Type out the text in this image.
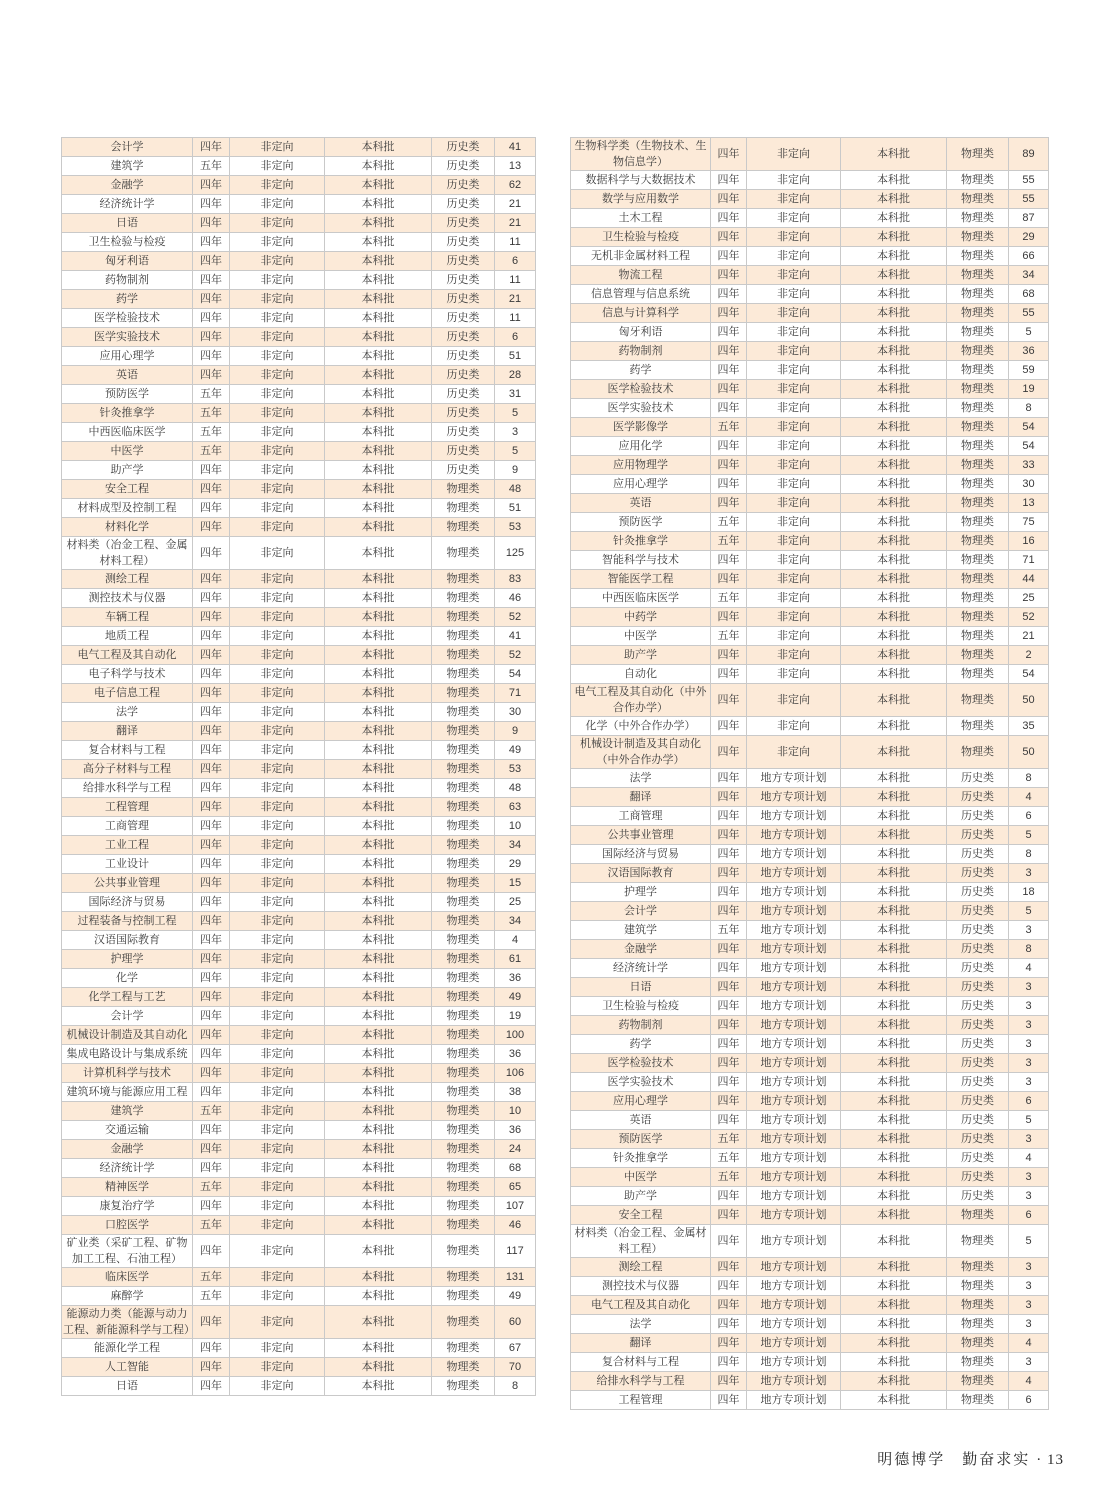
会计学	四年	非定向	本科批	历史类	41
建筑学	五年	非定向	本科批	历史类	13
金融学	四年	非定向	本科批	历史类	62
经济统计学	四年	非定向	本科批	历史类	21
日语	四年	非定向	本科批	历史类	21
卫生检验与检疫	四年	非定向	本科批	历史类	11
匈牙利语	四年	非定向	本科批	历史类	6
药物制剂	四年	非定向	本科批	历史类	11
药学	四年	非定向	本科批	历史类	21
医学检验技术	四年	非定向	本科批	历史类	11
医学实验技术	四年	非定向	本科批	历史类	6
应用心理学	四年	非定向	本科批	历史类	51
英语	四年	非定向	本科批	历史类	28
预防医学	五年	非定向	本科批	历史类	31
针灸推拿学	五年	非定向	本科批	历史类	5
中西医临床医学	五年	非定向	本科批	历史类	3
中医学	五年	非定向	本科批	历史类	5
助产学	四年	非定向	本科批	历史类	9
安全工程	四年	非定向	本科批	物理类	48
材料成型及控制工程	四年	非定向	本科批	物理类	51
材料化学	四年	非定向	本科批	物理类	53
材料类（冶金工程、金属材料工程）	四年	非定向	本科批	物理类	125
测绘工程	四年	非定向	本科批	物理类	83
测控技术与仪器	四年	非定向	本科批	物理类	46
车辆工程	四年	非定向	本科批	物理类	52
地质工程	四年	非定向	本科批	物理类	41
电气工程及其自动化	四年	非定向	本科批	物理类	52
电子科学与技术	四年	非定向	本科批	物理类	54
电子信息工程	四年	非定向	本科批	物理类	71
法学	四年	非定向	本科批	物理类	30
翻译	四年	非定向	本科批	物理类	9
复合材料与工程	四年	非定向	本科批	物理类	49
高分子材料与工程	四年	非定向	本科批	物理类	53
给排水科学与工程	四年	非定向	本科批	物理类	48
工程管理	四年	非定向	本科批	物理类	63
工商管理	四年	非定向	本科批	物理类	10
工业工程	四年	非定向	本科批	物理类	34
工业设计	四年	非定向	本科批	物理类	29
公共事业管理	四年	非定向	本科批	物理类	15
国际经济与贸易	四年	非定向	本科批	物理类	25
过程装备与控制工程	四年	非定向	本科批	物理类	34
汉语国际教育	四年	非定向	本科批	物理类	4
护理学	四年	非定向	本科批	物理类	61
化学	四年	非定向	本科批	物理类	36
化学工程与工艺	四年	非定向	本科批	物理类	49
会计学	四年	非定向	本科批	物理类	19
机械设计制造及其自动化	四年	非定向	本科批	物理类	100
集成电路设计与集成系统	四年	非定向	本科批	物理类	36
计算机科学与技术	四年	非定向	本科批	物理类	106
建筑环境与能源应用工程	四年	非定向	本科批	物理类	38
建筑学	五年	非定向	本科批	物理类	10
交通运输	四年	非定向	本科批	物理类	36
金融学	四年	非定向	本科批	物理类	24
经济统计学	四年	非定向	本科批	物理类	68
精神医学	五年	非定向	本科批	物理类	65
康复治疗学	四年	非定向	本科批	物理类	107
口腔医学	五年	非定向	本科批	物理类	46
矿业类（采矿工程、矿物加工工程、石油工程）	四年	非定向	本科批	物理类	117
临床医学	五年	非定向	本科批	物理类	131
麻醉学	五年	非定向	本科批	物理类	49
能源动力类（能源与动力工程、新能源科学与工程）	四年	非定向	本科批	物理类	60
能源化学工程	四年	非定向	本科批	物理类	67
人工智能	四年	非定向	本科批	物理类	70
日语	四年	非定向	本科批	物理类	8
生物科学类（生物技术、生物信息学）	四年	非定向	本科批	物理类	89
数据科学与大数据技术	四年	非定向	本科批	物理类	55
数学与应用数学	四年	非定向	本科批	物理类	55
土木工程	四年	非定向	本科批	物理类	87
卫生检验与检疫	四年	非定向	本科批	物理类	29
无机非金属材料工程	四年	非定向	本科批	物理类	66
物流工程	四年	非定向	本科批	物理类	34
信息管理与信息系统	四年	非定向	本科批	物理类	68
信息与计算科学	四年	非定向	本科批	物理类	55
匈牙利语	四年	非定向	本科批	物理类	5
药物制剂	四年	非定向	本科批	物理类	36
药学	四年	非定向	本科批	物理类	59
医学检验技术	四年	非定向	本科批	物理类	19
医学实验技术	四年	非定向	本科批	物理类	8
医学影像学	五年	非定向	本科批	物理类	54
应用化学	四年	非定向	本科批	物理类	54
应用物理学	四年	非定向	本科批	物理类	33
应用心理学	四年	非定向	本科批	物理类	30
英语	四年	非定向	本科批	物理类	13
预防医学	五年	非定向	本科批	物理类	75
针灸推拿学	五年	非定向	本科批	物理类	16
智能科学与技术	四年	非定向	本科批	物理类	71
智能医学工程	四年	非定向	本科批	物理类	44
中西医临床医学	五年	非定向	本科批	物理类	25
中药学	四年	非定向	本科批	物理类	52
中医学	五年	非定向	本科批	物理类	21
助产学	四年	非定向	本科批	物理类	2
自动化	四年	非定向	本科批	物理类	54
电气工程及其自动化（中外合作办学）	四年	非定向	本科批	物理类	50
化学（中外合作办学）	四年	非定向	本科批	物理类	35
机械设计制造及其自动化（中外合作办学）	四年	非定向	本科批	物理类	50
法学	四年	地方专项计划	本科批	历史类	8
翻译	四年	地方专项计划	本科批	历史类	4
工商管理	四年	地方专项计划	本科批	历史类	6
公共事业管理	四年	地方专项计划	本科批	历史类	5
国际经济与贸易	四年	地方专项计划	本科批	历史类	8
汉语国际教育	四年	地方专项计划	本科批	历史类	3
护理学	四年	地方专项计划	本科批	历史类	18
会计学	四年	地方专项计划	本科批	历史类	5
建筑学	五年	地方专项计划	本科批	历史类	3
金融学	四年	地方专项计划	本科批	历史类	8
经济统计学	四年	地方专项计划	本科批	历史类	4
日语	四年	地方专项计划	本科批	历史类	3
卫生检验与检疫	四年	地方专项计划	本科批	历史类	3
药物制剂	四年	地方专项计划	本科批	历史类	3
药学	四年	地方专项计划	本科批	历史类	3
医学检验技术	四年	地方专项计划	本科批	历史类	3
医学实验技术	四年	地方专项计划	本科批	历史类	3
应用心理学	四年	地方专项计划	本科批	历史类	6
英语	四年	地方专项计划	本科批	历史类	5
预防医学	五年	地方专项计划	本科批	历史类	3
针灸推拿学	五年	地方专项计划	本科批	历史类	4
中医学	五年	地方专项计划	本科批	历史类	3
助产学	四年	地方专项计划	本科批	历史类	3
安全工程	四年	地方专项计划	本科批	物理类	6
材料类（冶金工程、金属材料工程）	四年	地方专项计划	本科批	物理类	5
测绘工程	四年	地方专项计划	本科批	物理类	3
测控技术与仪器	四年	地方专项计划	本科批	物理类	3
电气工程及其自动化	四年	地方专项计划	本科批	物理类	3
法学	四年	地方专项计划	本科批	物理类	3
翻译	四年	地方专项计划	本科批	物理类	4
复合材料与工程	四年	地方专项计划	本科批	物理类	3
给排水科学与工程	四年	地方专项计划	本科批	物理类	4
工程管理	四年	地方专项计划	本科批	物理类	6
明德博学　勤奋求实 · 13
